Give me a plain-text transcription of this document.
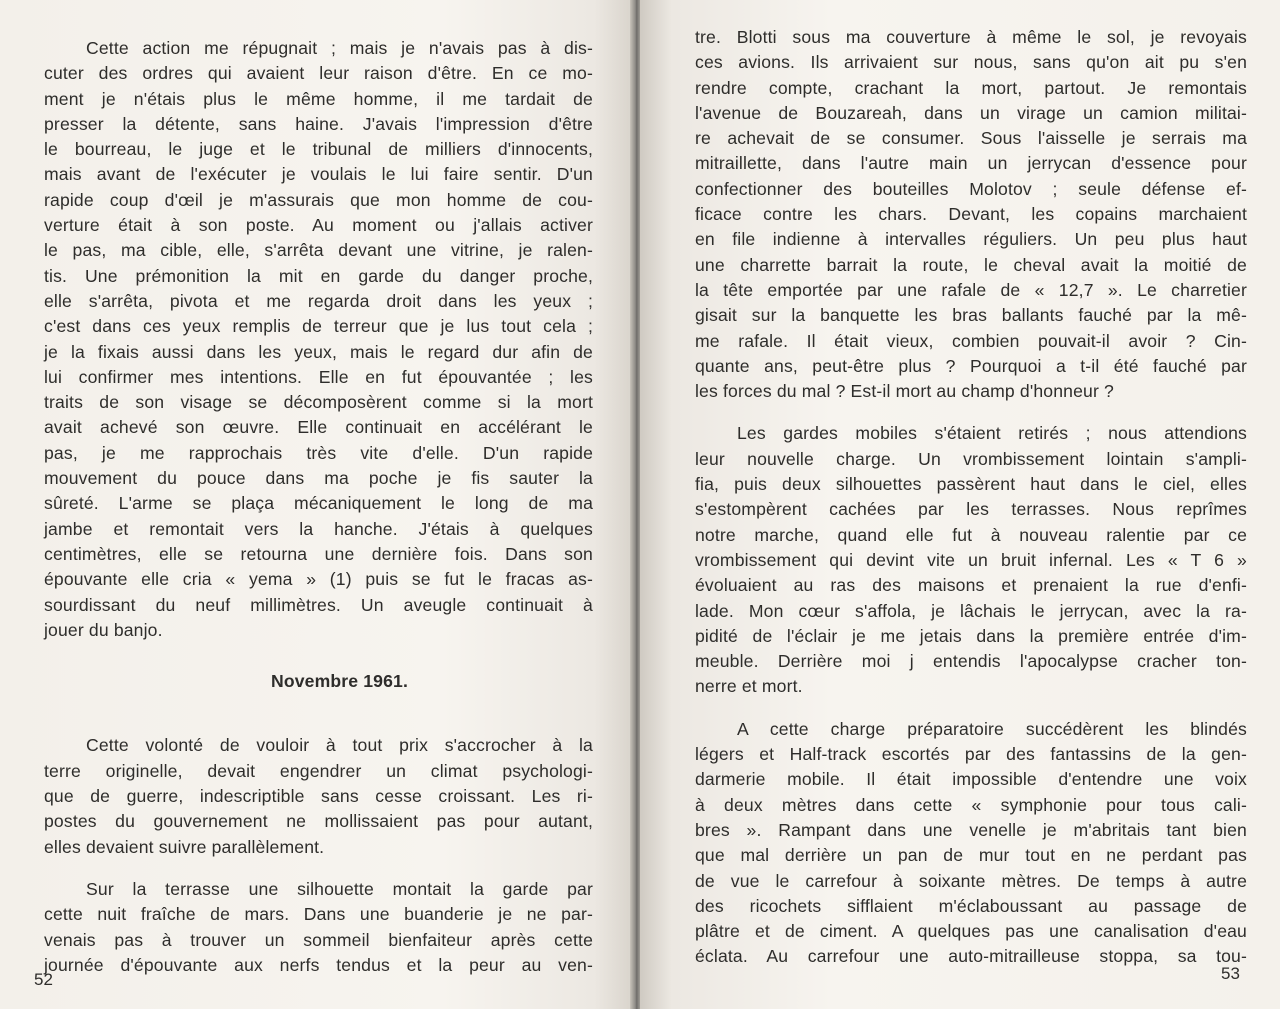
Cette action me répugnait ; mais je n'avais pas à dis-
cuter des ordres qui avaient leur raison d'être. En ce mo-
ment je n'étais plus le même homme, il me tardait de
presser la détente, sans haine. J'avais l'impression d'être
le bourreau, le juge et le tribunal de milliers d'innocents,
mais avant de l'exécuter je voulais le lui faire sentir. D'un
rapide coup d'œil je m'assurais que mon homme de cou-
verture était à son poste. Au moment ou j'allais activer
le pas, ma cible, elle, s'arrêta devant une vitrine, je ralen-
tis. Une prémonition la mit en garde du danger proche,
elle s'arrêta, pivota et me regarda droit dans les yeux ;
c'est dans ces yeux remplis de terreur que je lus tout cela ;
je la fixais aussi dans les yeux, mais le regard dur afin de
lui confirmer mes intentions. Elle en fut épouvantée ; les
traits de son visage se décomposèrent comme si la mort
avait achevé son œuvre. Elle continuait en accélérant le
pas, je me rapprochais très vite d'elle. D'un rapide
mouvement du pouce dans ma poche je fis sauter la
sûreté. L'arme se plaça mécaniquement le long de ma
jambe et remontait vers la hanche. J'étais à quelques
centimètres, elle se retourna une dernière fois. Dans son
épouvante elle cria « yema » (1) puis se fut le fracas as-
sourdissant du neuf millimètres. Un aveugle continuait à
jouer du banjo.
Novembre 1961.
Cette volonté de vouloir à tout prix s'accrocher à la
terre originelle, devait engendrer un climat psychologi-
que de guerre, indescriptible sans cesse croissant. Les ri-
postes du gouvernement ne mollissaient pas pour autant,
elles devaient suivre parallèlement.
Sur la terrasse une silhouette montait la garde par
cette nuit fraîche de mars. Dans une buanderie je ne par-
venais pas à trouver un sommeil bienfaiteur après cette
journée d'épouvante aux nerfs tendus et la peur au ven-
52
tre. Blotti sous ma couverture à même le sol, je revoyais
ces avions. Ils arrivaient sur nous, sans qu'on ait pu s'en
rendre compte, crachant la mort, partout. Je remontais
l'avenue de Bouzareah, dans un virage un camion militai-
re achevait de se consumer. Sous l'aisselle je serrais ma
mitraillette, dans l'autre main un jerrycan d'essence pour
confectionner des bouteilles Molotov ; seule défense ef-
ficace contre les chars. Devant, les copains marchaient
en file indienne à intervalles réguliers. Un peu plus haut
une charrette barrait la route, le cheval avait la moitié de
la tête emportée par une rafale de « 12,7 ». Le charretier
gisait sur la banquette les bras ballants fauché par la mê-
me rafale. Il était vieux, combien pouvait-il avoir ? Cin-
quante ans, peut-être plus ? Pourquoi a t-il été fauché par
les forces du mal ? Est-il mort au champ d'honneur ?
Les gardes mobiles s'étaient retirés ; nous attendions
leur nouvelle charge. Un vrombissement lointain s'ampli-
fia, puis deux silhouettes passèrent haut dans le ciel, elles
s'estompèrent cachées par les terrasses. Nous reprîmes
notre marche, quand elle fut à nouveau ralentie par ce
vrombissement qui devint vite un bruit infernal. Les « T 6 »
évoluaient au ras des maisons et prenaient la rue d'enfi-
lade. Mon cœur s'affola, je lâchais le jerrycan, avec la ra-
pidité de l'éclair je me jetais dans la première entrée d'im-
meuble. Derrière moi j entendis l'apocalypse cracher ton-
nerre et mort.
A cette charge préparatoire succédèrent les blindés
légers et Half-track escortés par des fantassins de la gen-
darmerie mobile. Il était impossible d'entendre une voix
à deux mètres dans cette « symphonie pour tous cali-
bres ». Rampant dans une venelle je m'abritais tant bien
que mal derrière un pan de mur tout en ne perdant pas
de vue le carrefour à soixante mètres. De temps à autre
des ricochets sifflaient m'éclaboussant au passage de
plâtre et de ciment. A quelques pas une canalisation d'eau
éclata. Au carrefour une auto-mitrailleuse stoppa, sa tou-
53
